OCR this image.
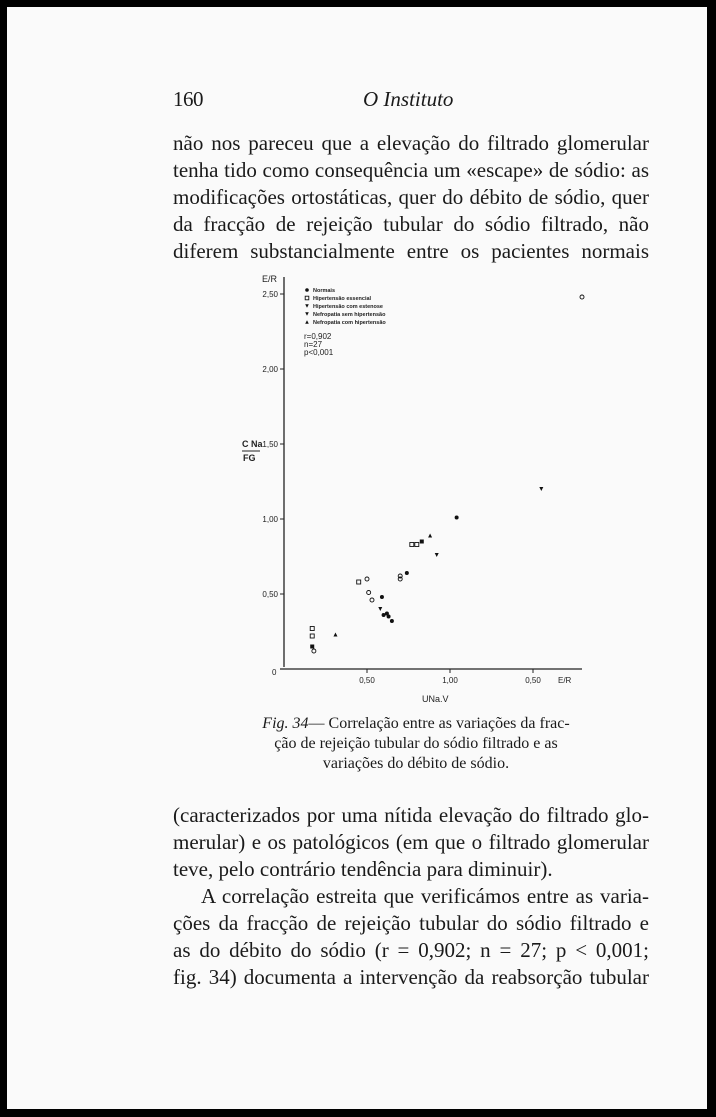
160	O Instituto

não nos pareceu que a elevação do filtrado glomerular
tenha tido como consequência um «escape» de sódio: as
modificações ortostáticas, quer do débito de sódio, quer
da fracção de rejeição tubular do sódio filtrado, não
diferem substancialmente entre os pacientes normais

2,50
2,00
1,50
1,00
0,50
0,50	1,00	0,50
E/R
C Na
FG
0
E/R
UNa.V
Normais
Hipertensão essencial
Hipertensão com estenose
Nefropatia sem hipertensão
Nefropatia com hipertensão
r=0,902
n=27
p<0,001

Fig. 34— Correlação entre as variações da frac-
ção de rejeição tubular do sódio filtrado e as
variações do débito de sódio.

(caracterizados por uma nítida elevação do filtrado glo-
merular) e os patológicos (em que o filtrado glomerular
teve, pelo contrário tendência para diminuir).
A correlação estreita que verificámos entre as varia-
ções da fracção de rejeição tubular do sódio filtrado e
as do débito do sódio (r = 0,902; n = 27; p < 0,001;
fig. 34) documenta a intervenção da reabsorção tubular
